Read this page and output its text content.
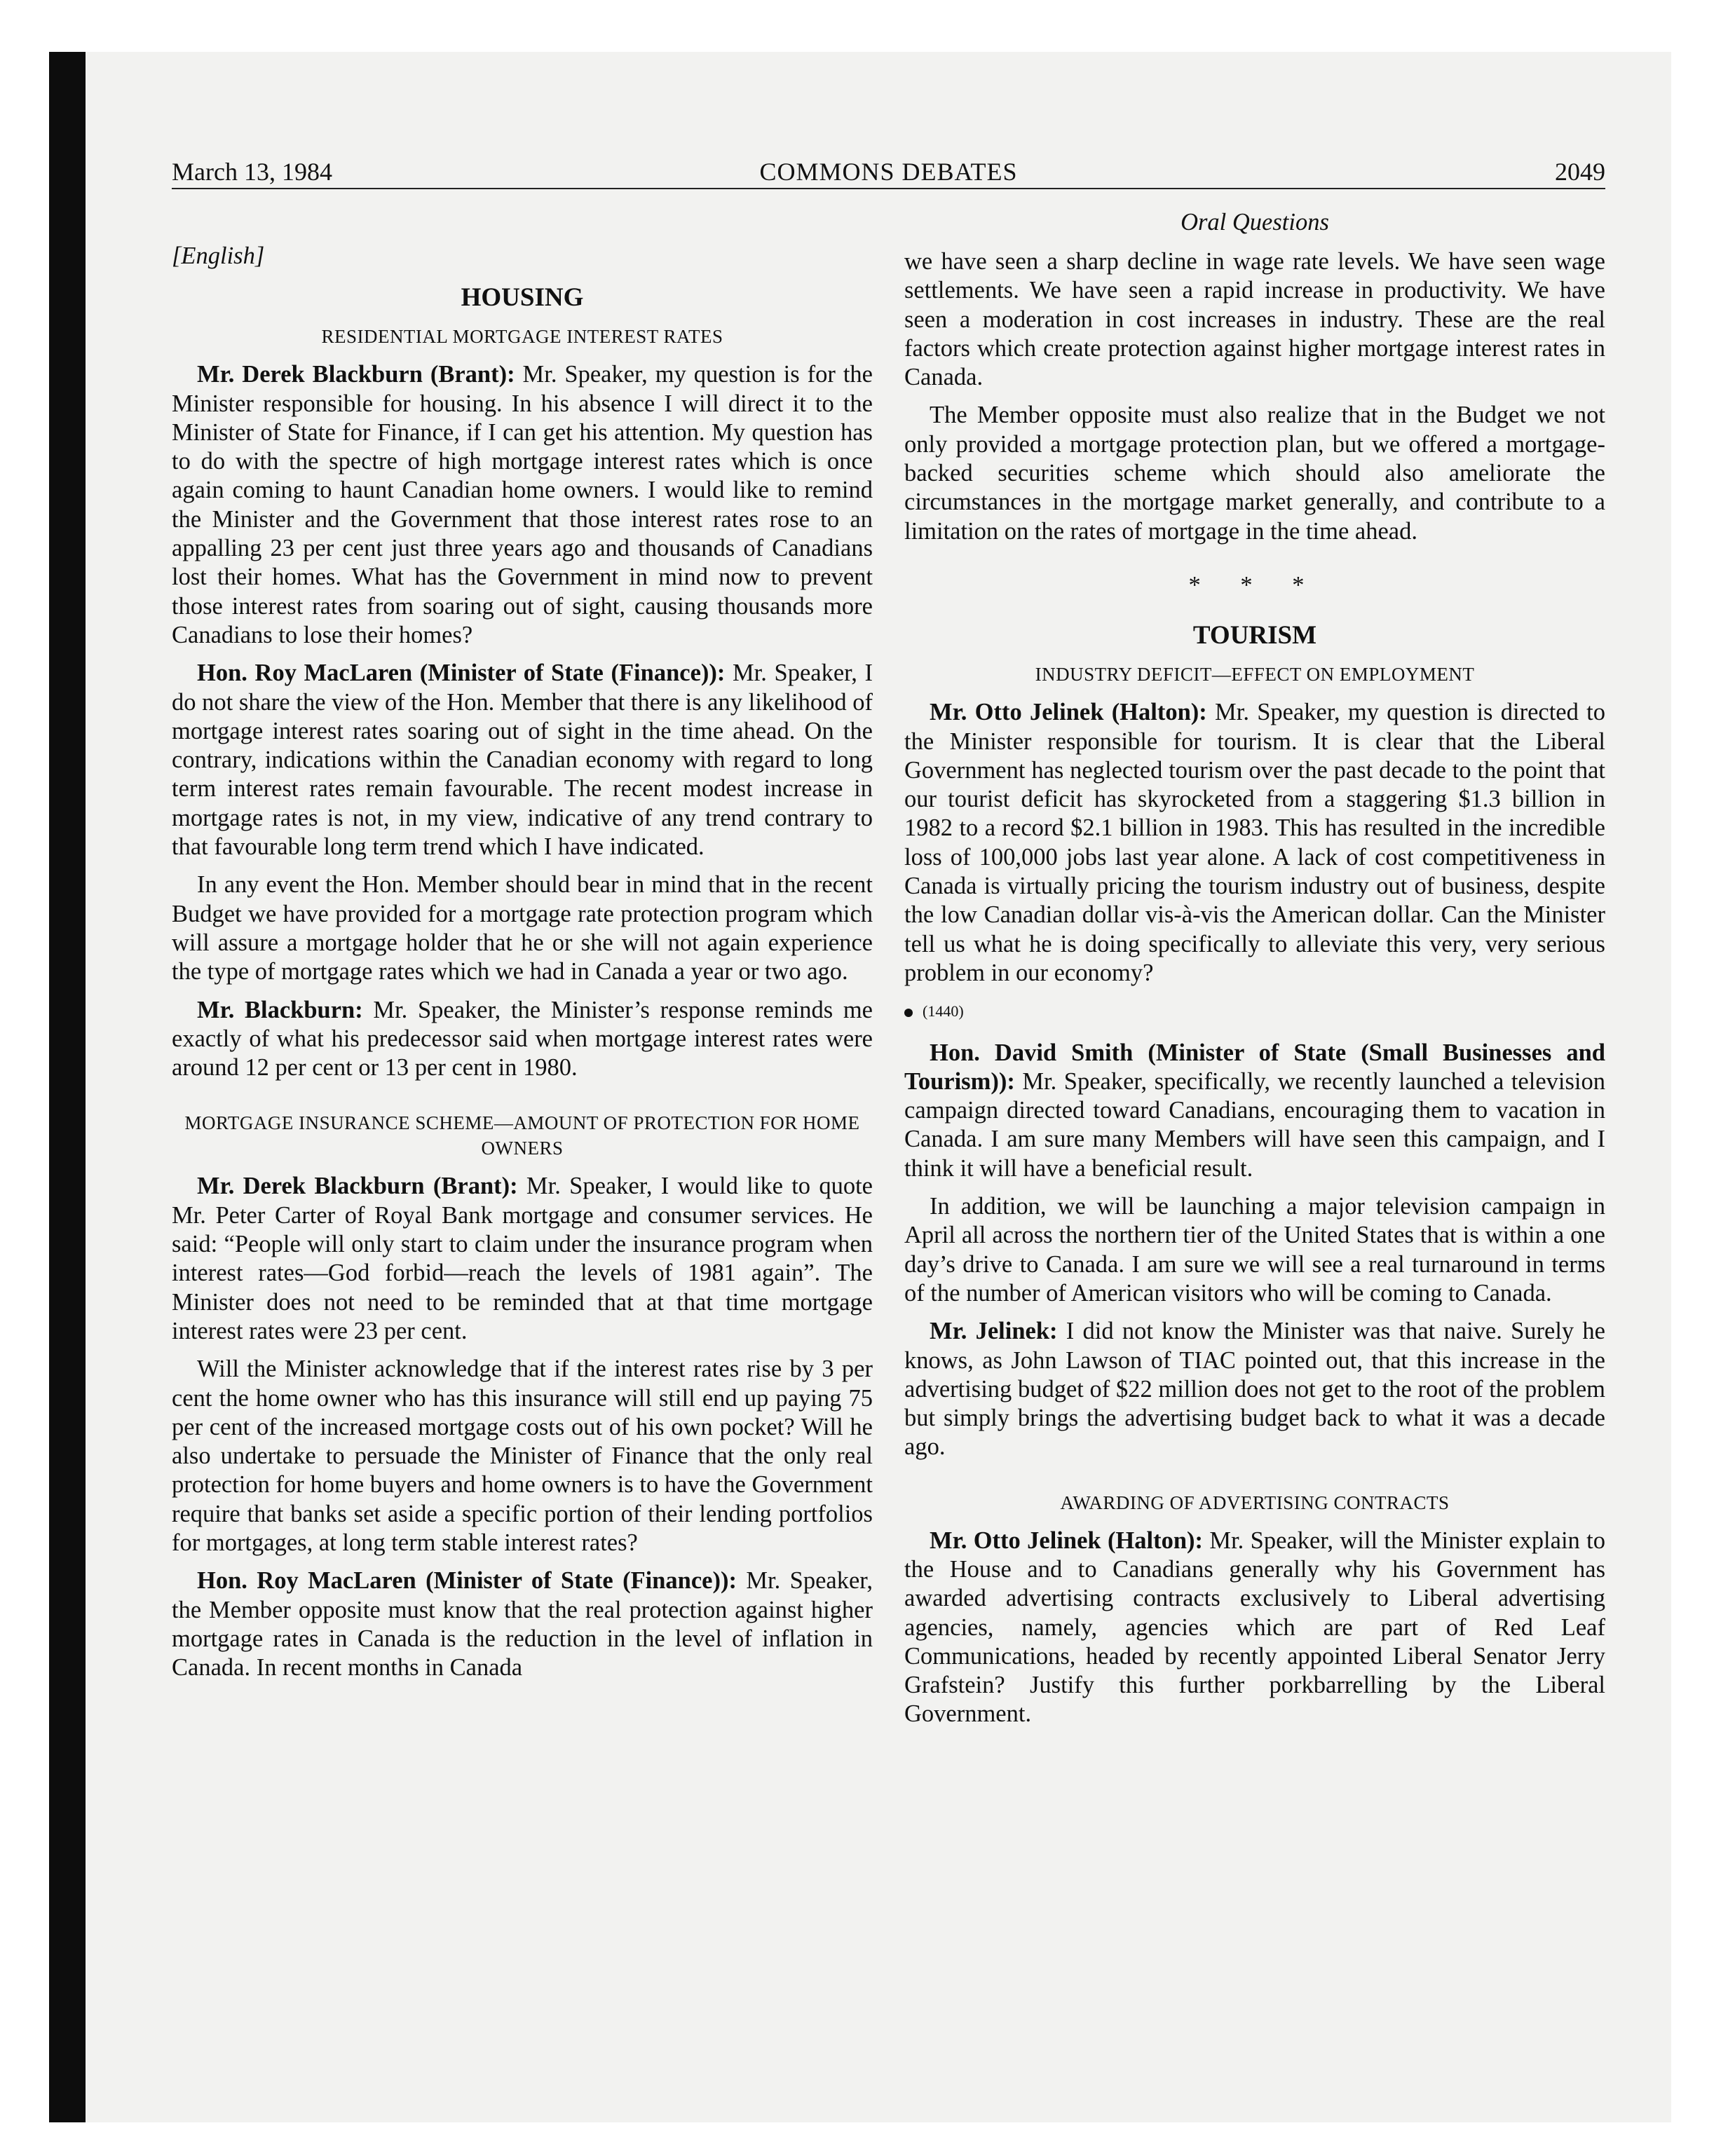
March 13, 1984	COMMONS DEBATES	2049
[English]
HOUSING
RESIDENTIAL MORTGAGE INTEREST RATES

Mr. Derek Blackburn (Brant): Mr. Speaker, my question is for the Minister responsible for housing. In his absence I will direct it to the Minister of State for Finance, if I can get his attention. My question has to do with the spectre of high mortgage interest rates which is once again coming to haunt Canadian home owners. I would like to remind the Minister and the Government that those interest rates rose to an appalling 23 per cent just three years ago and thousands of Canadians lost their homes. What has the Government in mind now to prevent those interest rates from soaring out of sight, causing thousands more Canadians to lose their homes?

Hon. Roy MacLaren (Minister of State (Finance)): Mr. Speaker, I do not share the view of the Hon. Member that there is any likelihood of mortgage interest rates soaring out of sight in the time ahead. On the contrary, indications within the Canadian economy with regard to long term interest rates remain favourable. The recent modest increase in mortgage rates is not, in my view, indicative of any trend contrary to that favourable long term trend which I have indicated.

In any event the Hon. Member should bear in mind that in the recent Budget we have provided for a mortgage rate protection program which will assure a mortgage holder that he or she will not again experience the type of mortgage rates which we had in Canada a year or two ago.

Mr. Blackburn: Mr. Speaker, the Minister’s response reminds me exactly of what his predecessor said when mortgage interest rates were around 12 per cent or 13 per cent in 1980.

MORTGAGE INSURANCE SCHEME—AMOUNT OF PROTECTION FOR HOME OWNERS

Mr. Derek Blackburn (Brant): Mr. Speaker, I would like to quote Mr. Peter Carter of Royal Bank mortgage and consumer services. He said: “People will only start to claim under the insurance program when interest rates—God forbid—reach the levels of 1981 again”. The Minister does not need to be reminded that at that time mortgage interest rates were 23 per cent.

Will the Minister acknowledge that if the interest rates rise by 3 per cent the home owner who has this insurance will still end up paying 75 per cent of the increased mortgage costs out of his own pocket? Will he also undertake to persuade the Minister of Finance that the only real protection for home buyers and home owners is to have the Government require that banks set aside a specific portion of their lending portfolios for mortgages, at long term stable interest rates?

Hon. Roy MacLaren (Minister of State (Finance)): Mr. Speaker, the Member opposite must know that the real protection against higher mortgage rates in Canada is the reduction in the level of inflation in Canada. In recent months in Canada

Oral Questions

we have seen a sharp decline in wage rate levels. We have seen wage settlements. We have seen a rapid increase in productivity. We have seen a moderation in cost increases in industry. These are the real factors which create protection against higher mortgage interest rates in Canada.

The Member opposite must also realize that in the Budget we not only provided a mortgage protection plan, but we offered a mortgage-backed securities scheme which should also ameliorate the circumstances in the mortgage market generally, and contribute to a limitation on the rates of mortgage in the time ahead.

* * *
TOURISM
INDUSTRY DEFICIT—EFFECT ON EMPLOYMENT

Mr. Otto Jelinek (Halton): Mr. Speaker, my question is directed to the Minister responsible for tourism. It is clear that the Liberal Government has neglected tourism over the past decade to the point that our tourist deficit has skyrocketed from a staggering $1.3 billion in 1982 to a record $2.1 billion in 1983. This has resulted in the incredible loss of 100,000 jobs last year alone. A lack of cost competitiveness in Canada is virtually pricing the tourism industry out of business, despite the low Canadian dollar vis-à-vis the American dollar. Can the Minister tell us what he is doing specifically to alleviate this very, very serious problem in our economy?

(1440)

Hon. David Smith (Minister of State (Small Businesses and Tourism)): Mr. Speaker, specifically, we recently launched a television campaign directed toward Canadians, encouraging them to vacation in Canada. I am sure many Members will have seen this campaign, and I think it will have a beneficial result.

In addition, we will be launching a major television campaign in April all across the northern tier of the United States that is within a one day’s drive to Canada. I am sure we will see a real turnaround in terms of the number of American visitors who will be coming to Canada.

Mr. Jelinek: I did not know the Minister was that naive. Surely he knows, as John Lawson of TIAC pointed out, that this increase in the advertising budget of $22 million does not get to the root of the problem but simply brings the advertising budget back to what it was a decade ago.

AWARDING OF ADVERTISING CONTRACTS

Mr. Otto Jelinek (Halton): Mr. Speaker, will the Minister explain to the House and to Canadians generally why his Government has awarded advertising contracts exclusively to Liberal advertising agencies, namely, agencies which are part of Red Leaf Communications, headed by recently appointed Liberal Senator Jerry Grafstein? Justify this further porkbarrelling by the Liberal Government.
